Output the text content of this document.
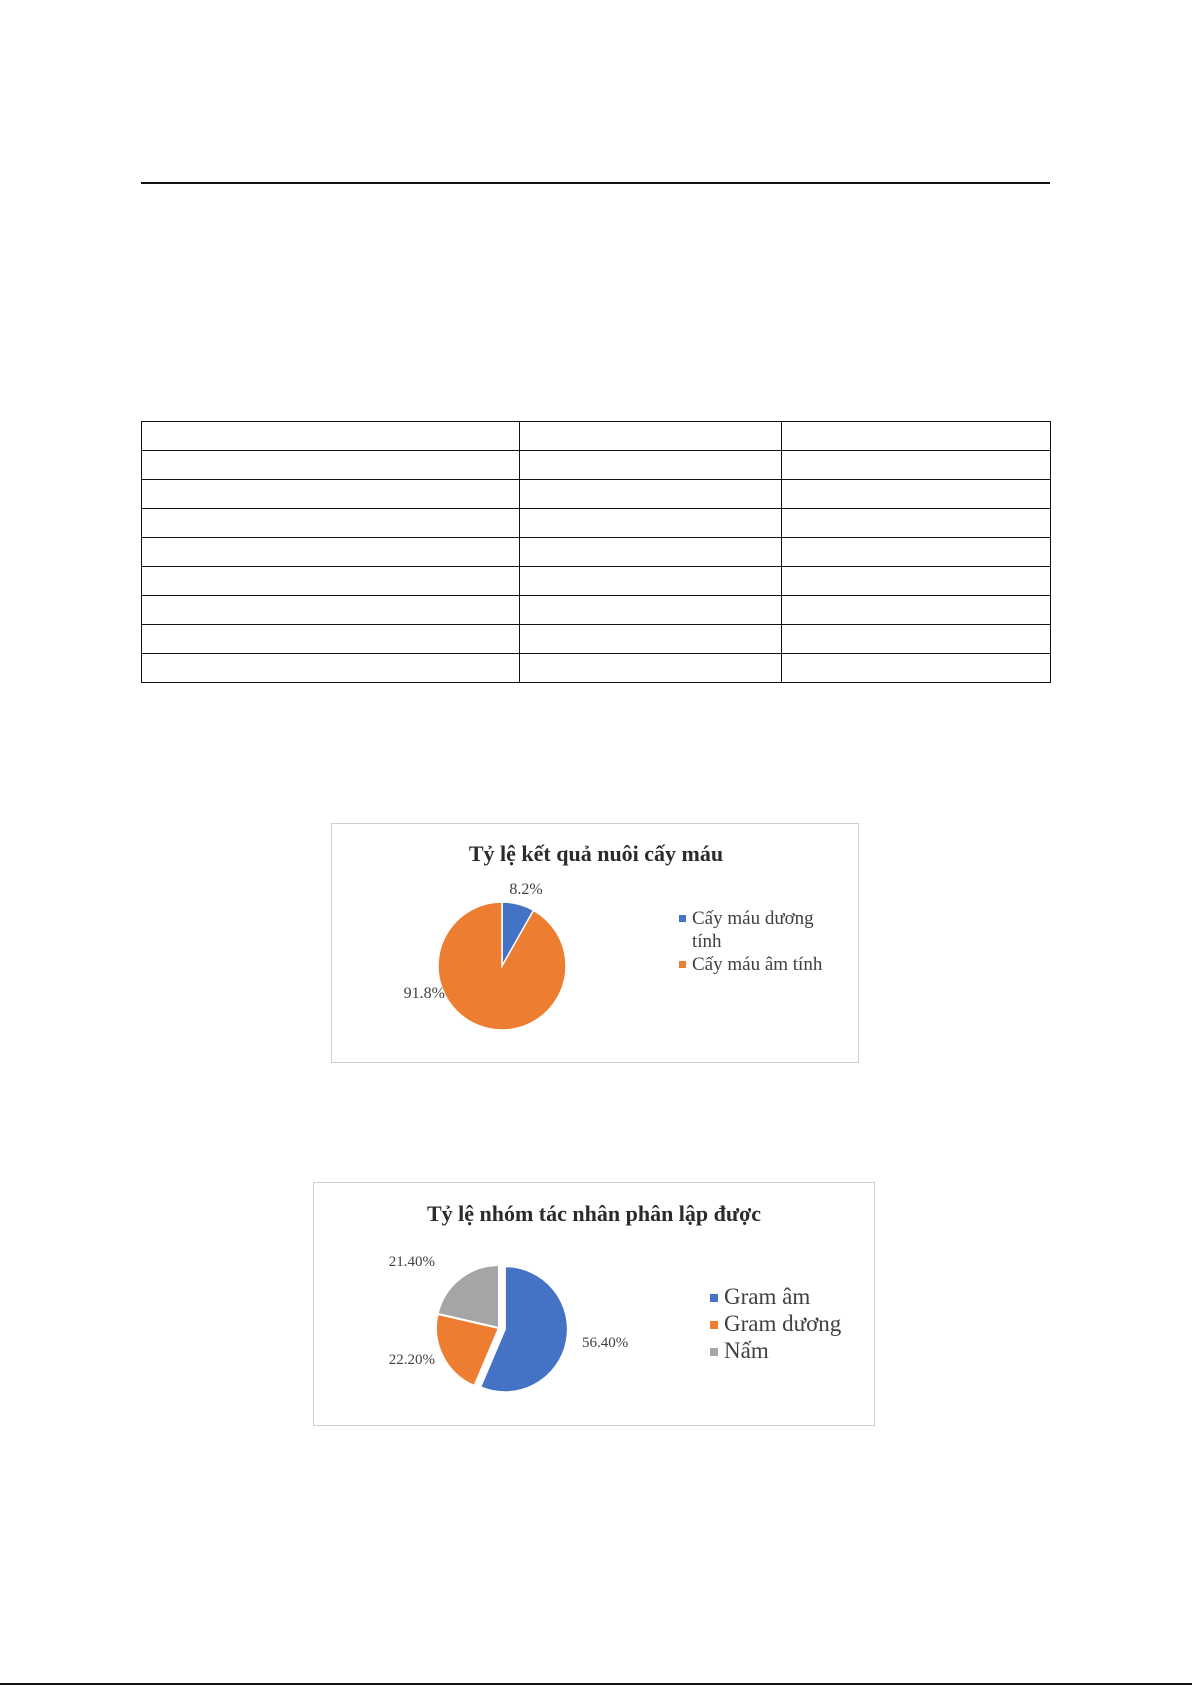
Tỷ lệ kết quả nuôi cấy máu
8.2%
91.8%
Cấy máu dương
tính
Cấy máu âm tính
Tỷ lệ nhóm tác nhân phân lập được
56.40%
22.20%
21.40%
Gram âm
Gram dương
Nấm
